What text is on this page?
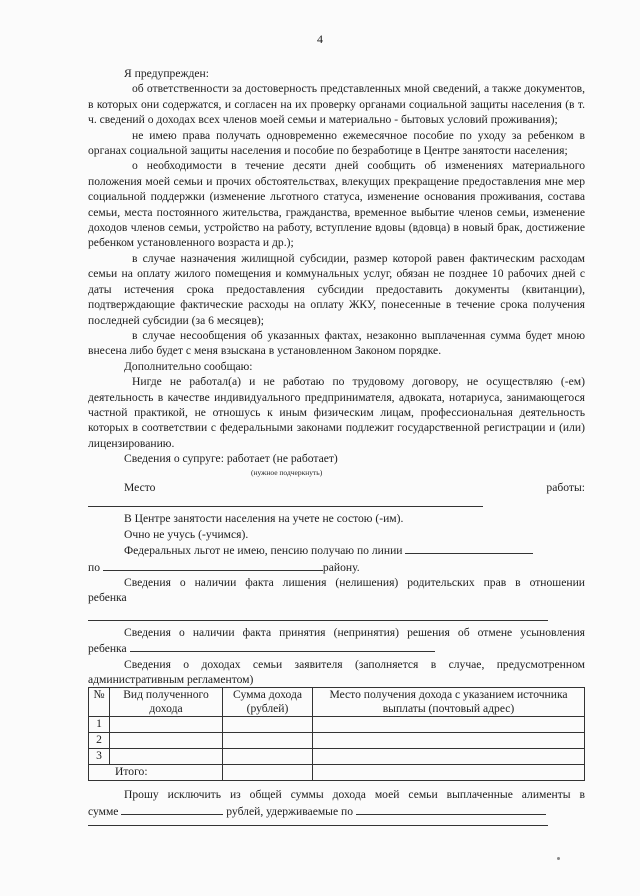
4

Я предупрежден:

об ответственности за достоверность представленных мной сведений, а также документов, в которых они содержатся, и согласен на их проверку органами социальной защиты населения (в т. ч. сведений о доходах всех членов моей семьи и материально - бытовых условий проживания);

не имею права получать одновременно ежемесячное пособие по уходу за ребенком в органах социальной защиты населения и пособие по безработице в Центре занятости населения;

о необходимости в течение десяти дней сообщить об изменениях материального положения моей семьи и прочих обстоятельствах, влекущих прекращение предоставления мне мер социальной поддержки (изменение льготного статуса, изменение основания проживания, состава семьи, места постоянного жительства, гражданства, временное выбытие членов семьи, изменение доходов членов семьи, устройство на работу, вступление вдовы (вдовца) в новый брак, достижение ребенком установленного возраста и др.);

в случае назначения жилищной субсидии, размер которой равен фактическим расходам семьи на оплату жилого помещения и коммунальных услуг, обязан не позднее 10 рабочих дней с даты истечения срока предоставления субсидии предоставить документы (квитанции), подтверждающие фактические расходы на оплату ЖКУ, понесенные в течение срока получения последней субсидии (за 6 месяцев);

в случае несообщения об указанных фактах, незаконно выплаченная сумма будет мною внесена либо будет с меня взыскана в установленном Законом порядке.

Дополнительно сообщаю:

Нигде не работал(а) и не работаю по трудовому договору, не осуществляю (-ем) деятельность в качестве индивидуального предпринимателя, адвоката, нотариуса, занимающегося частной практикой, не отношусь к иным физическим лицам, профессиональная деятельность которых в соответствии с федеральными законами подлежит государственной регистрации и (или) лицензированию.

Сведения о супруге: работает (не работает)

(нужное подчеркнуть)

Место работы:

В Центре занятости населения на учете не состою (-им).

Очно не учусь (-учимся).

Федеральных льгот не имею, пенсию получаю по линии

по	району.

Сведения о наличии факта лишения (нелишения) родительских прав в отношении

ребенка

Сведения о наличии факта принятия (непринятия) решения об отмене усыновления

ребенка

Сведения о доходах семьи заявителя (заполняется в случае, предусмотренном

административным регламентом)

№	Вид полученного дохода	Сумма дохода (рублей)	Место получения дохода с указанием источника выплаты (почтовый адрес)
1			
2			
3			
Итого:			

Прошу исключить из общей суммы дохода моей семьи выплаченные алименты в

сумме	рублей, удерживаемые по
